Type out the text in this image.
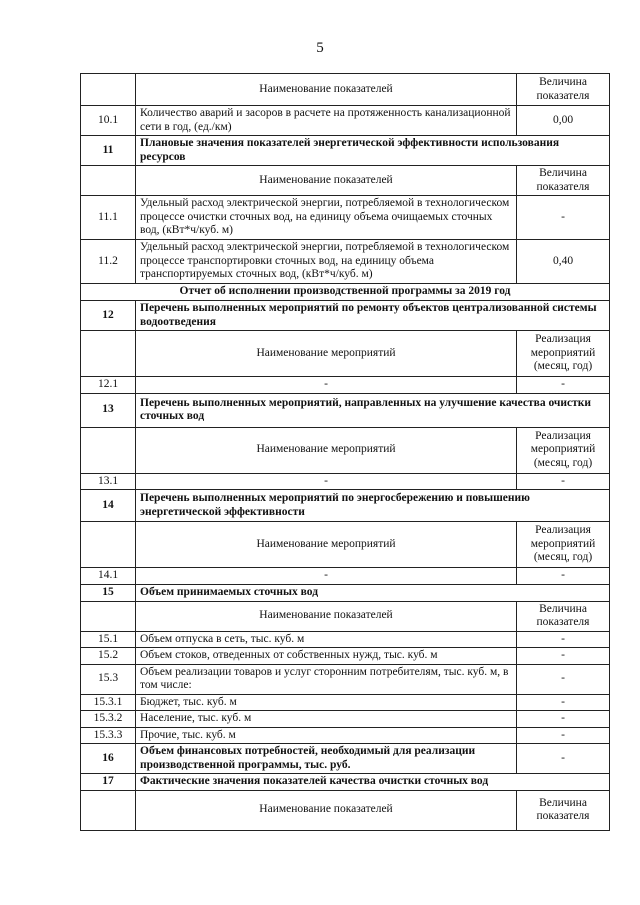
5
	Наименование показателей	Величина показателя
10.1	Количество аварий и засоров в расчете на протяженность канализационной сети в год, (ед./км)	0,00
11	Плановые значения показателей энергетической эффективности использования ресурсов	
	Наименование показателей	Величина показателя
11.1	Удельный расход электрической энергии, потребляемой в технологическом процессе очистки сточных вод, на единицу объема очищаемых сточных вод, (кВт*ч/куб. м)	-
11.2	Удельный расход электрической энергии, потребляемой в технологическом процессе транспортировки сточных вод, на единицу объема транспортируемых сточных вод, (кВт*ч/куб. м)	0,40
Отчет об исполнении производственной программы за 2019 год		
12	Перечень выполненных мероприятий по ремонту объектов централизованной системы водоотведения	
	Наименование мероприятий	Реализация мероприятий (месяц, год)
12.1	-	-
13	Перечень выполненных мероприятий, направленных на улучшение качества очистки сточных вод	
	Наименование мероприятий	Реализация мероприятий (месяц, год)
13.1	-	-
14	Перечень выполненных мероприятий по энергосбережению и повышению энергетической эффективности	
	Наименование мероприятий	Реализация мероприятий (месяц, год)
14.1	-	-
15	Объем принимаемых сточных вод	
	Наименование показателей	Величина показателя
15.1	Объем отпуска в сеть, тыс. куб. м	-
15.2	Объем стоков, отведенных от собственных нужд, тыс. куб. м	-
15.3	Объем реализации товаров и услуг сторонним потребителям, тыс. куб. м, в том числе:	-
15.3.1	Бюджет, тыс. куб. м	-
15.3.2	Население, тыс. куб. м	-
15.3.3	Прочие, тыс. куб. м	-
16	Объем финансовых потребностей, необходимый для реализации производственной программы, тыс. руб.	-
17	Фактические значения показателей качества очистки сточных вод	
	Наименование показателей	Величина показателя
